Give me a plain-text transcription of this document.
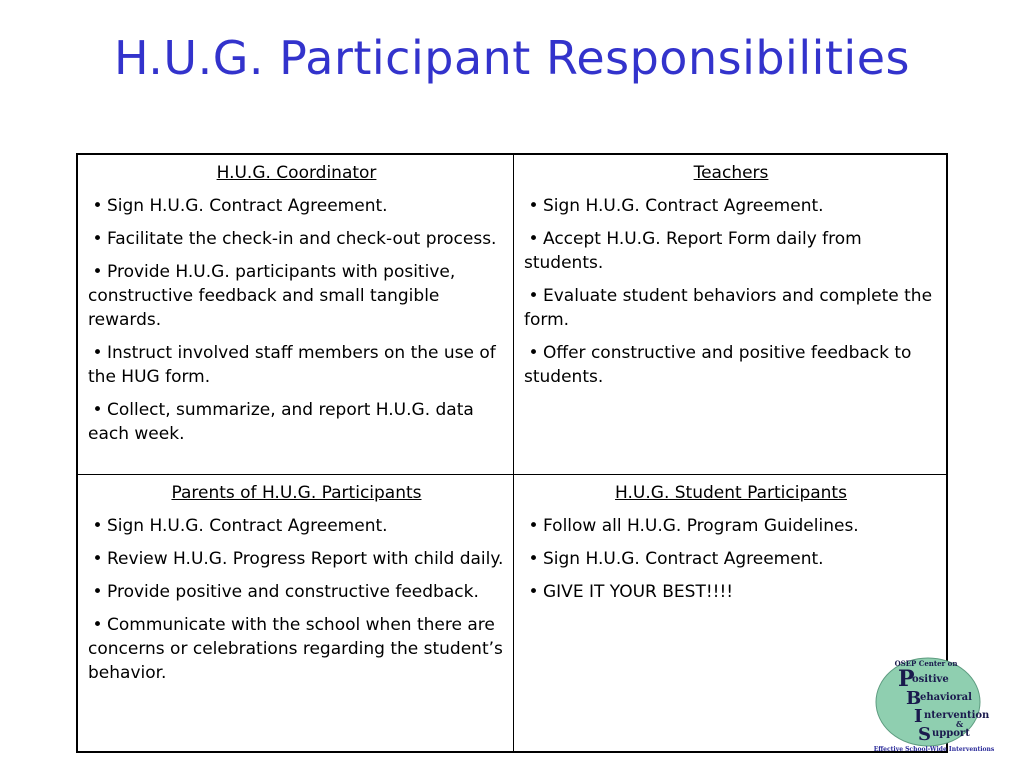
H.U.G. Participant Responsibilities
H.U.G. Coordinator
• Sign H.U.G. Contract Agreement.
• Facilitate the check-in and check-out process.
• Provide H.U.G. participants with positive, constructive feedback and small tangible rewards.
• Instruct involved staff members on the use of the HUG form.
• Collect, summarize, and report H.U.G. data each week.
Teachers
• Sign H.U.G. Contract Agreement.
• Accept H.U.G. Report Form daily from students.
• Evaluate student behaviors and complete the form.
• Offer constructive and positive feedback to students.
Parents of H.U.G. Participants
• Sign H.U.G. Contract Agreement.
• Review H.U.G. Progress Report with child daily.
• Provide positive and constructive feedback.
• Communicate with the school when there are concerns or celebrations regarding the student’s behavior.
H.U.G. Student Participants
• Follow all H.U.G. Program Guidelines.
• Sign H.U.G. Contract Agreement.
• GIVE IT YOUR BEST!!!!
OSEP Center on
P
ositive
B
ehavioral
I ntervention
&
S upport
Effective School-Wide Interventions
